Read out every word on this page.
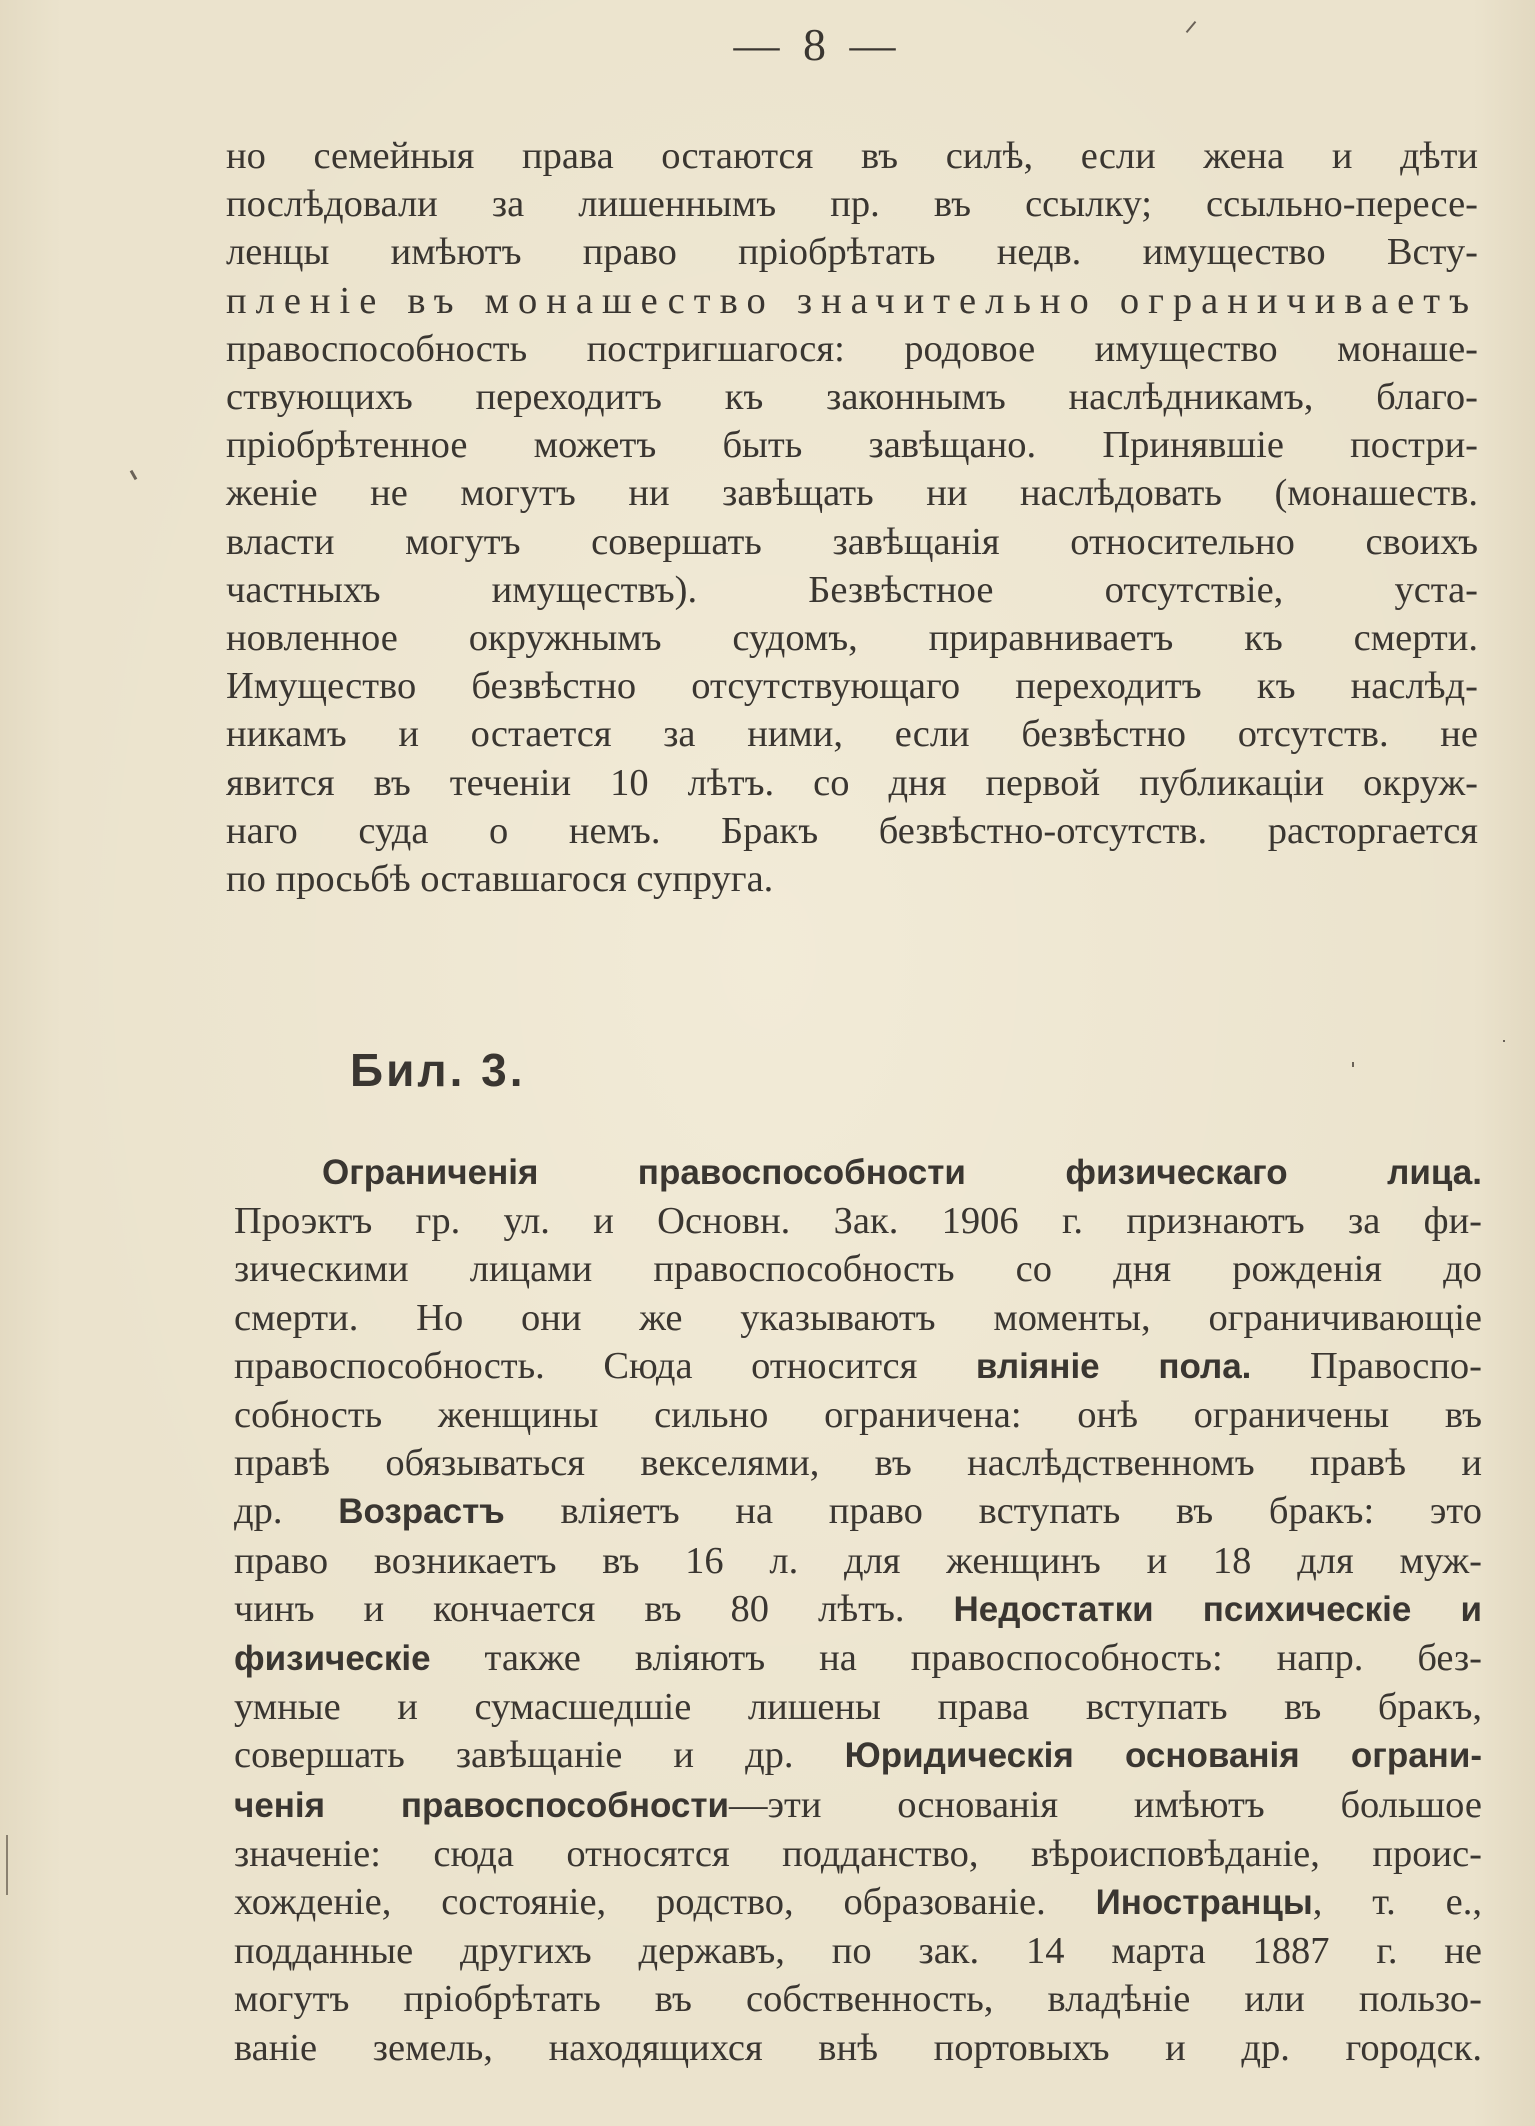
— 8 —
но семейныя права остаются въ силѣ, если жена и дѣти
послѣдовали за лишеннымъ пр. въ ссылку; ссыльно-пересе-
ленцы имѣютъ право пріобрѣтать недв. имущество Всту-
пленіе въ монашество значительно ограничиваетъ
правоспособность постригшагося: родовое имущество монаше-
ствующихъ переходитъ къ законнымъ наслѣдникамъ, благо-
пріобрѣтенное можетъ быть завѣщано. Принявшіе постри-
женіе не могутъ ни завѣщать ни наслѣдовать (монашеств.
власти могутъ совершать завѣщанія относительно своихъ
частныхъ имуществъ). Безвѣстное отсутствіе, уста-
новленное окружнымъ судомъ, приравниваетъ къ смерти.
Имущество безвѣстно отсутствующаго переходитъ къ наслѣд-
никамъ и остается за ними, если безвѣстно отсутств. не
явится въ теченіи 10 лѣтъ. со дня первой публикаціи окруж-
наго суда о немъ. Бракъ безвѣстно-отсутств. расторгается
по просьбѣ оставшагося супруга.
Бил. 3.
Ограниченія правоспособности физическаго лица.
Проэктъ гр. ул. и Основн. Зак. 1906 г. признаютъ за фи-
зическими лицами правоспособность со дня рожденія до
смерти. Но они же указываютъ моменты, ограничивающіе
правоспособность. Сюда относится вліяніе пола. Правоспо-
собность женщины сильно ограничена: онѣ ограничены въ
правѣ обязываться векселями, въ наслѣдственномъ правѣ и
др. Возрастъ вліяетъ на право вступать въ бракъ: это
право возникаетъ въ 16 л. для женщинъ и 18 для муж-
чинъ и кончается въ 80 лѣтъ. Недостатки психическіе и
физическіе также вліяютъ на правоспособность: напр. без-
умные и сумасшедшіе лишены права вступать въ бракъ,
совершать завѣщаніе и др. Юридическія основанія ограни-
ченія правоспособности—эти основанія имѣютъ большое
значеніе: сюда относятся подданство, вѣроисповѣданіе, проис-
хожденіе, состояніе, родство, образованіе. Иностранцы, т. е.,
подданные другихъ державъ, по зак. 14 марта 1887 г. не
могутъ пріобрѣтать въ собственность, владѣніе или пользо-
ваніе земель, находящихся внѣ портовыхъ и др. городск.
